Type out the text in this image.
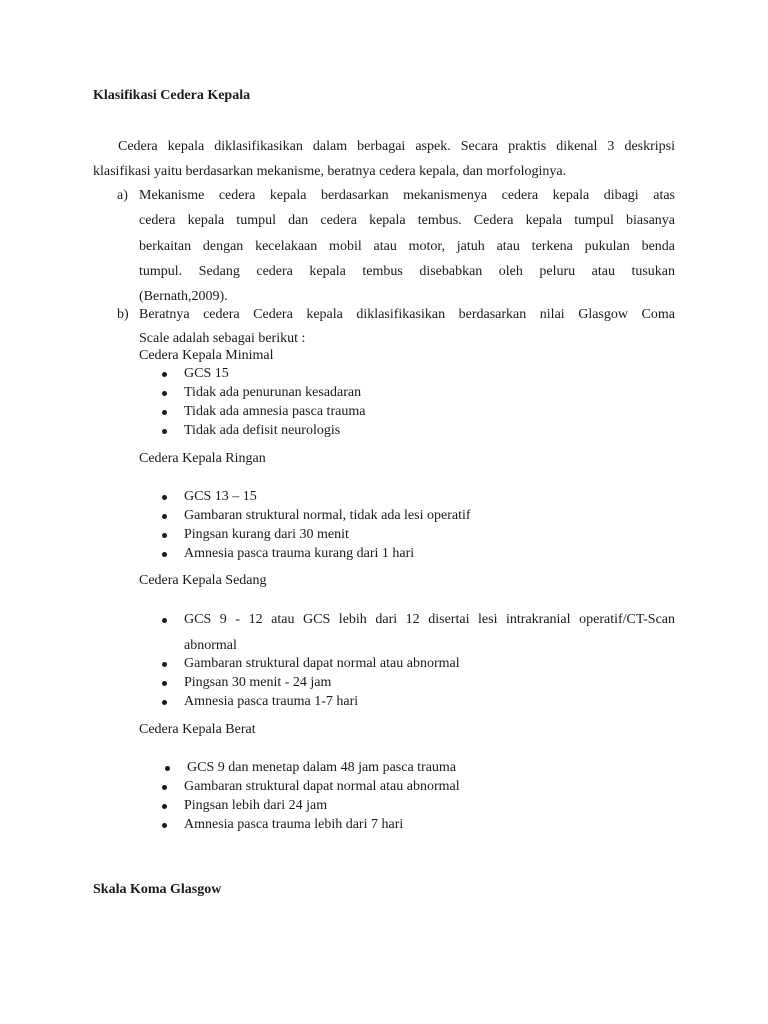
Klasifikasi Cedera Kepala
Cedera kepala diklasifikasikan dalam berbagai aspek. Secara praktis dikenal 3 deskripsi
klasifikasi yaitu berdasarkan mekanisme, beratnya cedera kepala, dan morfologinya.
a) Mekanisme cedera kepala berdasarkan mekanismenya cedera kepala dibagi atas
cedera kepala tumpul dan cedera kepala tembus. Cedera kepala tumpul biasanya
berkaitan dengan kecelakaan mobil atau motor, jatuh atau terkena pukulan benda
tumpul. Sedang cedera kepala tembus disebabkan oleh peluru atau tusukan
(Bernath,2009).
b) Beratnya cedera Cedera kepala diklasifikasikan berdasarkan nilai Glasgow Coma
Scale adalah sebagai berikut :
Cedera Kepala Minimal
GCS 15
Tidak ada penurunan kesadaran
Tidak ada amnesia pasca trauma
Tidak ada defisit neurologis
Cedera Kepala Ringan
GCS 13 – 15
Gambaran struktural normal, tidak ada lesi operatif
Pingsan kurang dari 30 menit
Amnesia pasca trauma kurang dari 1 hari
Cedera Kepala Sedang
GCS 9 - 12 atau GCS lebih dari 12 disertai lesi intrakranial operatif/CT-Scan
abnormal
Gambaran struktural dapat normal atau abnormal
Pingsan 30 menit - 24 jam
Amnesia pasca trauma 1-7 hari
Cedera Kepala Berat
GCS 9 dan menetap dalam 48 jam pasca trauma
Gambaran struktural dapat normal atau abnormal
Pingsan lebih dari 24 jam
Amnesia pasca trauma lebih dari 7 hari
Skala Koma Glasgow
